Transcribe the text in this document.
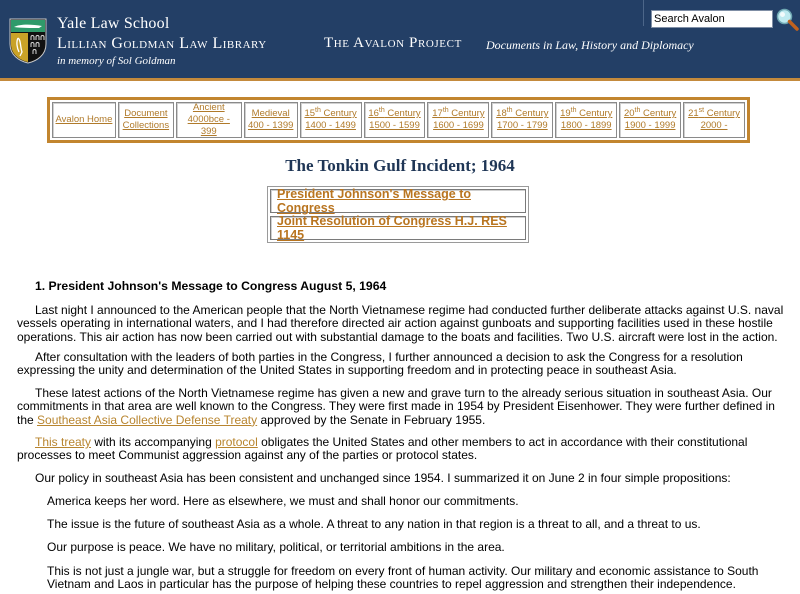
Yale Law School
Lillian Goldman Law Library
in memory of Sol Goldman
The Avalon Project Documents in Law, History and Diplomacy
Search Avalon
Avalon Home
Document
Collections
Ancient
4000bce - 399
Medieval
400 - 1399
15th Century
1400 - 1499
16th Century
1500 - 1599
17th Century
1600 - 1699
18th Century
1700 - 1799
19th Century
1800 - 1899
20th Century
1900 - 1999
21st Century
2000 -
The Tonkin Gulf Incident; 1964
President Johnson's Message to Congress
Joint Resolution of Congress H.J. RES 1145
1. President Johnson's Message to Congress August 5, 1964

Last night I announced to the American people that the North Vietnamese regime had conducted further deliberate attacks against U.S. naval vessels operating in international waters, and I had therefore directed air action against gunboats and supporting facilities used in these hostile operations. This air action has now been carried out with substantial damage to the boats and facilities. Two U.S. aircraft were lost in the action.

After consultation with the leaders of both parties in the Congress, I further announced a decision to ask the Congress for a resolution expressing the unity and determination of the United States in supporting freedom and in protecting peace in southeast Asia.

These latest actions of the North Vietnamese regime has given a new and grave turn to the already serious situation in southeast Asia. Our commitments in that area are well known to the Congress. They were first made in 1954 by President Eisenhower. They were further defined in the Southeast Asia Collective Defense Treaty approved by the Senate in February 1955.

This treaty with its accompanying protocol obligates the United States and other members to act in accordance with their constitutional processes to meet Communist aggression against any of the parties or protocol states.

Our policy in southeast Asia has been consistent and unchanged since 1954. I summarized it on June 2 in four simple propositions:

America keeps her word. Here as elsewhere, we must and shall honor our commitments.

The issue is the future of southeast Asia as a whole. A threat to any nation in that region is a threat to all, and a threat to us.

Our purpose is peace. We have no military, political, or territorial ambitions in the area.

This is not just a jungle war, but a struggle for freedom on every front of human activity. Our military and economic assistance to South Vietnam and Laos in particular has the purpose of helping these countries to repel aggression and strengthen their independence.
